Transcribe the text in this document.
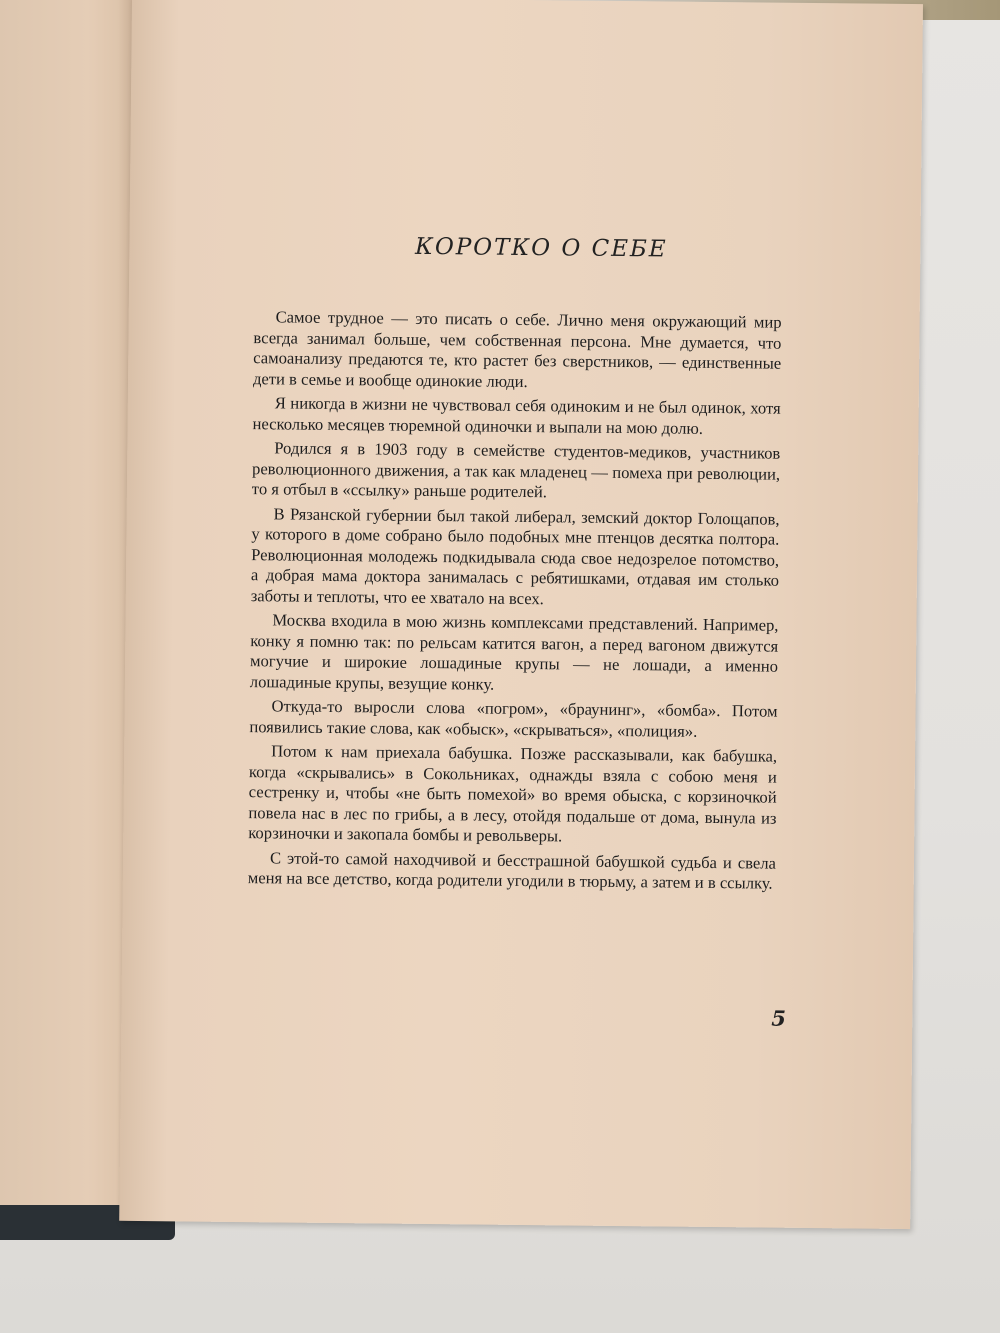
КОРОТКО О СЕБЕ

Самое трудное — это писать о себе. Лично меня окружающий мир всегда занимал больше, чем собственная персона. Мне думается, что самоанализу предаются те, кто растет без сверстников, — единственные дети в семье и вообще одинокие люди.

Я никогда в жизни не чувствовал себя одиноким и не был одинок, хотя несколько месяцев тюремной одиночки и выпали на мою долю.

Родился я в 1903 году в семействе студентов-медиков, участников революционного движения, а так как младенец — помеха при революции, то я отбыл в «ссылку» раньше родителей.

В Рязанской губернии был такой либерал, земский доктор Голощапов, у которого в доме собрано было подобных мне птенцов десятка полтора. Революционная молодежь подкидывала сюда свое недозрелое потомство, а добрая мама доктора занималась с ребятишками, отдавая им столько заботы и теплоты, что ее хватало на всех.

Москва входила в мою жизнь комплексами представлений. Например, конку я помню так: по рельсам катится вагон, а перед вагоном движутся могучие и широкие лошадиные крупы — не лошади, а именно лошадиные крупы, везущие конку.

Откуда-то выросли слова «погром», «браунинг», «бомба». Потом появились такие слова, как «обыск», «скрываться», «полиция».

Потом к нам приехала бабушка. Позже рассказывали, как бабушка, когда «скрывались» в Сокольниках, однажды взяла с собою меня и сестренку и, чтобы «не быть помехой» во время обыска, с корзиночкой повела нас в лес по грибы, а в лесу, отойдя подальше от дома, вынула из корзиночки и закопала бомбы и револьверы.

С этой-то самой находчивой и бесстрашной бабушкой судьба и свела меня на все детство, когда родители угодили в тюрьму, а затем и в ссылку.

5
